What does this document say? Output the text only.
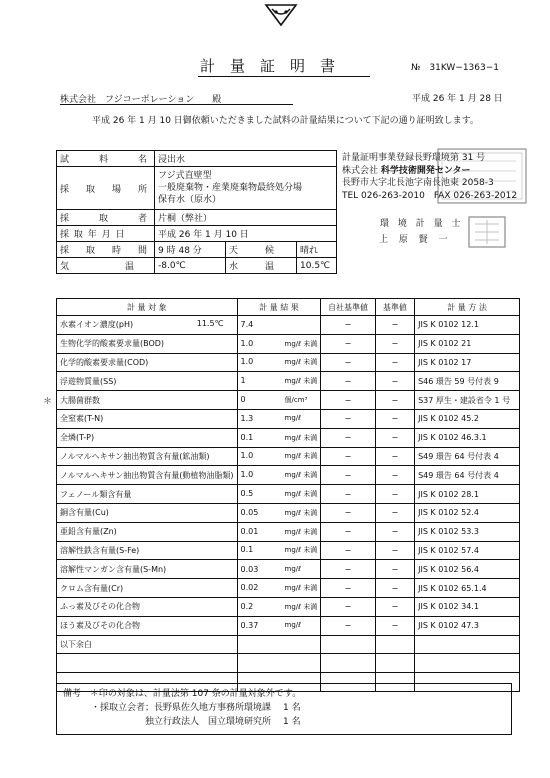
計量証明書	№　31KW−1363−1
株式会社　フジコーポレーション　　殿	平成 26 年 1 月 28 日
平成 26 年 1 月 10 日御依頼いただきました試料の計量結果について下記の通り証明致します。
試　　料　　名	浸出水		
採　取　場　所	フジ式直壁型
一般廃棄物・産業廃棄物最終処分場
保有水（原水）		
採　　取　　者	片桐（弊社）		
採 取 年 月 日	平成 26 年 1 月 10 日		
採　取　時　間	9 時 48 分	天　　　候	晴れ
気　　　　温	-8.0℃	水　　　温	10.5℃
計量証明事業登録長野環境第 31 号
株式会社 科学技術開発センター
長野市大字北長池字南長池東 2058-3
TEL 026-263-2010　FAX 026-263-2012
環 境 計 量 士
上 原 賢 一
計 量 対 象	計 量 結 果	自社基準値	基準値	計 量 方 法
水素イオン濃度(pH) 11.5℃	7.4	−	−	JIS K 0102 12.1
生物化学的酸素要求量(BOD)	1.0 mg/ℓ 未満	−	−	JIS K 0102 21
化学的酸素要求量(COD)	1.0 mg/ℓ 未満	−	−	JIS K 0102 17
浮遊物質量(SS)	1 mg/ℓ 未満	−	−	S46 環告 59 号付表 9
大腸菌群数	0 個/cm³	−	−	S37 厚生・建設省令 1 号
全窒素(T-N)	1.3 mg/ℓ	−	−	JIS K 0102 45.2
全燐(T-P)	0.1 mg/ℓ 未満	−	−	JIS K 0102 46.3.1
ノルマルヘキサン抽出物質含有量(鉱油類)	1.0 mg/ℓ 未満	−	−	S49 環告 64 号付表 4
ノルマルヘキサン抽出物質含有量(動植物油脂類)	1.0 mg/ℓ 未満	−	−	S49 環告 64 号付表 4
フェノール類含有量	0.5 mg/ℓ 未満	−	−	JIS K 0102 28.1
銅含有量(Cu)	0.05 mg/ℓ 未満	−	−	JIS K 0102 52.4
亜鉛含有量(Zn)	0.01 mg/ℓ 未満	−	−	JIS K 0102 53.3
溶解性鉄含有量(S-Fe)	0.1 mg/ℓ 未満	−	−	JIS K 0102 57.4
溶解性マンガン含有量(S-Mn)	0.03 mg/ℓ	−	−	JIS K 0102 56.4
クロム含有量(Cr)	0.02 mg/ℓ 未満	−	−	JIS K 0102 65.1.4
ふっ素及びその化合物	0.2 mg/ℓ 未満	−	−	JIS K 0102 34.1
ほう素及びその化合物	0.37 mg/ℓ	−	−	JIS K 0102 47.3
以下余白

＊
備考 ＊印の対象は、計量法第 107 条の計量対象外です。
・採取立会者；長野県佐久地方事務所環境課 1 名
独立行政法人　国立環境研究所 1 名
